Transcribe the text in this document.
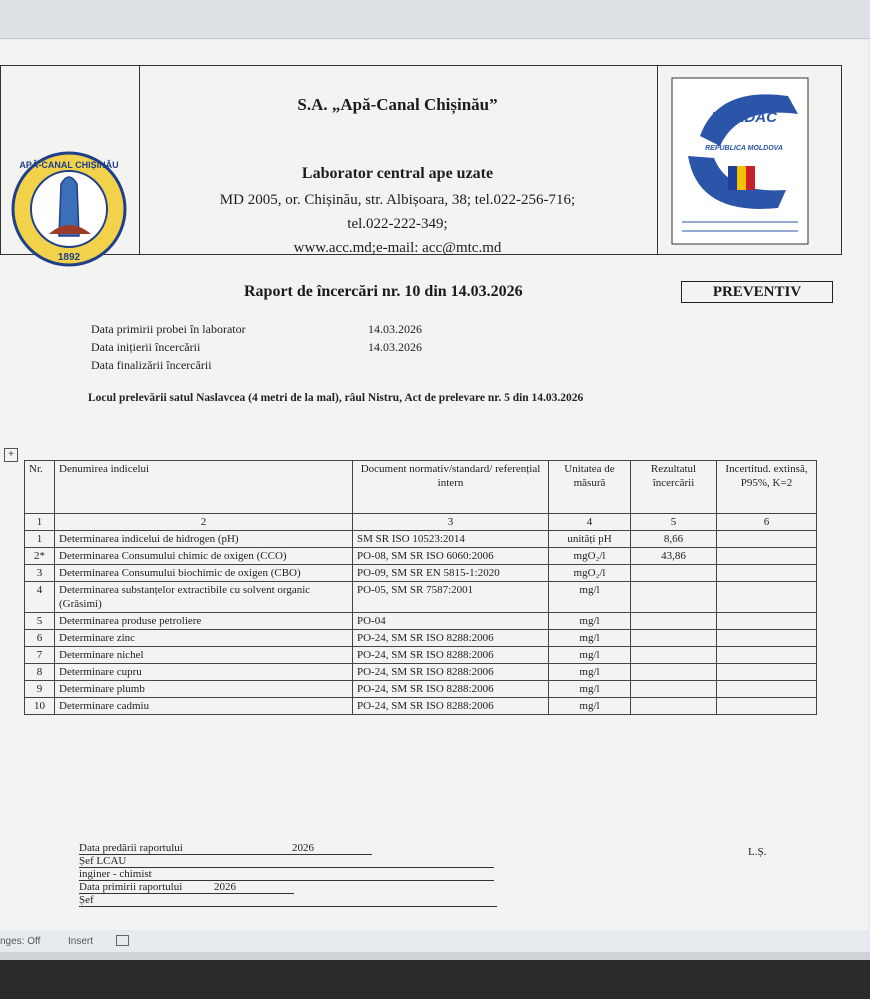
APĂ-CANAL CHIȘINĂU
1892
MOLDAC
REPUBLICA MOLDOVA
S.A. „Apă-Canal Chișinău”
Laborator central ape uzate
MD 2005, or. Chișinău, str. Albișoara, 38; tel.022-256-716;
tel.022-222-349;
www.acc.md;e-mail: acc@mtc.md
Raport de încercări nr. 10 din 14.03.2026	PREVENTIV
Data primirii probei în laborator	14.03.2026
Data inițierii încercării	14.03.2026
Data finalizării încercării
Locul prelevării satul Naslavcea (4 metri de la mal), râul Nistru, Act de prelevare nr. 5 din 14.03.2026
+
Nr.	Denumirea indicelui	Document normativ/standard/ referențial intern	Unitatea de măsură	Rezultatul încercării	Incertitud. extinsă, P95%, K=2
1	2	3	4	5	6
1	Determinarea indicelui de hidrogen (pH)	SM SR ISO 10523:2014	unități pH	8,66	
2*	Determinarea Consumului chimic de oxigen (CCO)	PO-08, SM SR ISO 6060:2006	mgO₂/l	43,86	
3	Determinarea Consumului biochimic de oxigen (CBO)	PO-09, SM SR EN 5815-1:2020	mgO₂/l		
4	Determinarea substanțelor extractibile cu solvent organic (Grăsimi)	PO-05, SM SR 7587:2001	mg/l		
5	Determinarea produse petroliere	PO-04	mg/l		
6	Determinare zinc	PO-24, SM SR ISO 8288:2006	mg/l		
7	Determinare nichel	PO-24, SM SR ISO 8288:2006	mg/l		
8	Determinare cupru	PO-24, SM SR ISO 8288:2006	mg/l		
9	Determinare plumb	PO-24, SM SR ISO 8288:2006	mg/l		
10	Determinare cadmiu	PO-24, SM SR ISO 8288:2006	mg/l		
Data predării raportului	2026
Șef LCAU
inginer - chimist
Data primirii raportului	2026
Șef
L.Ș.
nges: Off	Insert
